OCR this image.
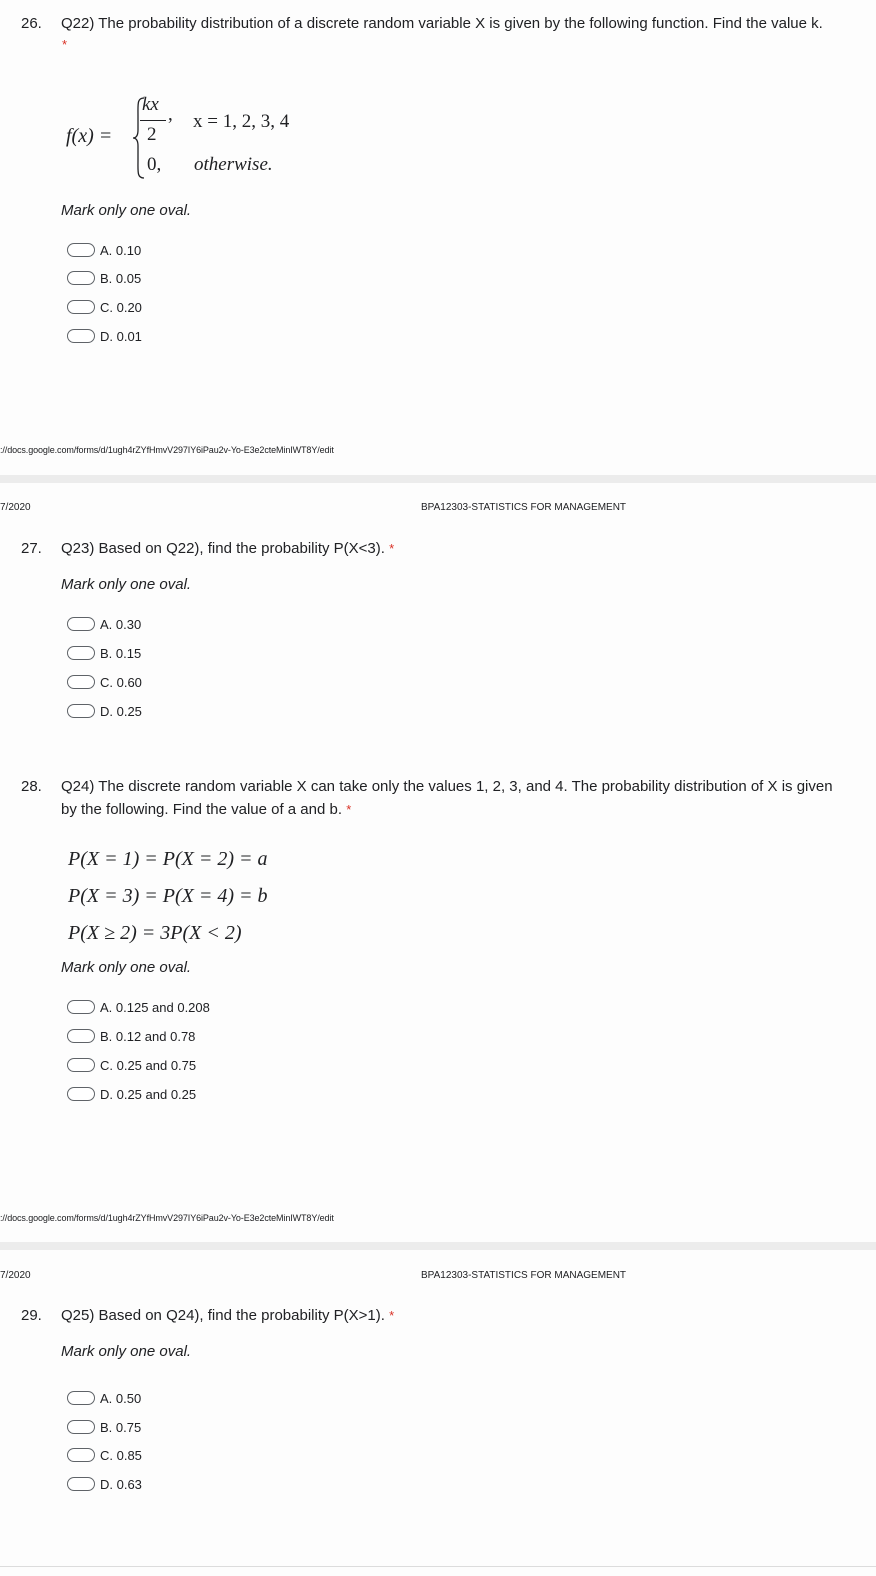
26. Q22) The probability distribution of a discrete random variable X is given by the following function. Find the value k.
*
f(x) =
kx
2
, x = 1, 2, 3, 4
0, otherwise.
Mark only one oval.
A. 0.10
B. 0.05
C. 0.20
D. 0.01
://docs.google.com/forms/d/1ugh4rZYfHmvV297IY6iPau2v-Yo-E3e2cteMinIWT8Y/edit
7/2020	BPA12303-STATISTICS FOR MANAGEMENT
27. Q23) Based on Q22), find the probability P(X<3). *
Mark only one oval.
A. 0.30
B. 0.15
C. 0.60
D. 0.25
28. Q24) The discrete random variable X can take only the values 1, 2, 3, and 4. The probability distribution of X is given
by the following. Find the value of a and b. *
P(X = 1) = P(X = 2) = a
P(X = 3) = P(X = 4) = b
P(X ≥ 2) = 3P(X < 2)
Mark only one oval.
A. 0.125 and 0.208
B. 0.12 and 0.78
C. 0.25 and 0.75
D. 0.25 and 0.25
://docs.google.com/forms/d/1ugh4rZYfHmvV297IY6iPau2v-Yo-E3e2cteMinIWT8Y/edit
7/2020	BPA12303-STATISTICS FOR MANAGEMENT
29. Q25) Based on Q24), find the probability P(X>1). *
Mark only one oval.
A. 0.50
B. 0.75
C. 0.85
D. 0.63
